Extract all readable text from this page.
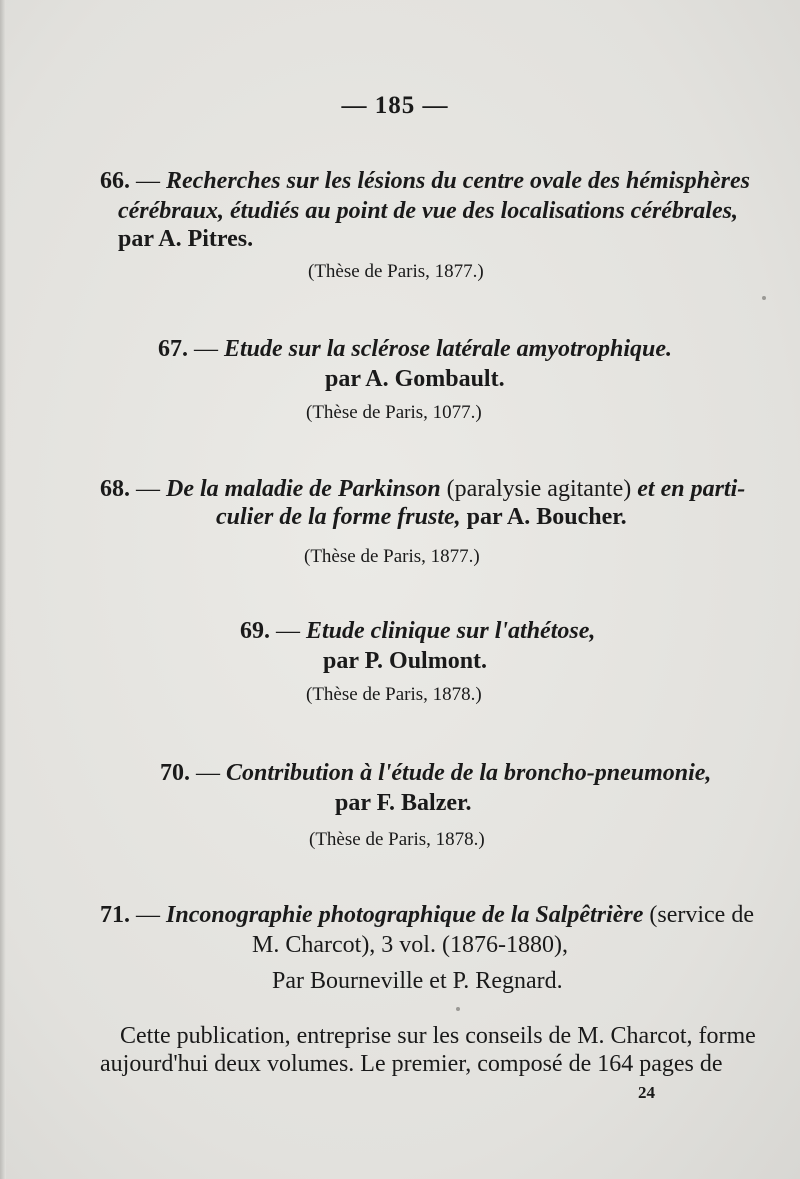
— 185 —
66. — Recherches sur les lésions du centre ovale des hémisphères
cérébraux, étudiés au point de vue des localisations cérébrales,
par A. Pitres.
(Thèse de Paris, 1877.)
67. — Etude sur la sclérose latérale amyotrophique.
par A. Gombault.
(Thèse de Paris, 1077.)
68. — De la maladie de Parkinson (paralysie agitante) et en parti-
culier de la forme fruste, par A. Boucher.
(Thèse de Paris, 1877.)
69. — Etude clinique sur l'athétose,
par P. Oulmont.
(Thèse de Paris, 1878.)
70. — Contribution à l'étude de la broncho-pneumonie,
par F. Balzer.
(Thèse de Paris, 1878.)
71. — Inconographie photographique de la Salpêtrière (service de
M. Charcot), 3 vol. (1876-1880),
Par Bourneville et P. Regnard.
Cette publication, entreprise sur les conseils de M. Charcot, forme
aujourd'hui deux volumes. Le premier, composé de 164 pages de
24
